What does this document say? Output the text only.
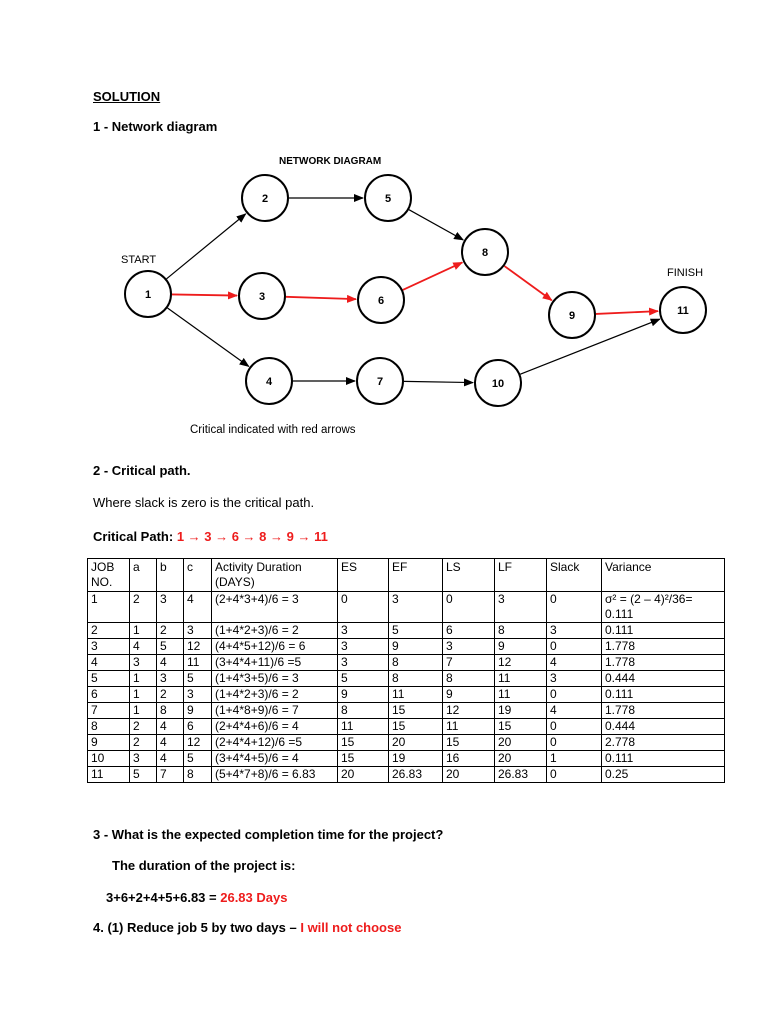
SOLUTION
1 - Network diagram
NETWORK DIAGRAM
START
FINISH
1
2
3
4
5
6
7
8
9
10
11
Critical indicated with red arrows
2 - Critical path.
Where slack is zero is the critical path.
Critical Path: 1 → 3 → 6 → 8 → 9 → 11
JOB NO.	a	b	c	Activity Duration (DAYS)	ES	EF	LS	LF	Slack	Variance
1	2	3	4	(2+4*3+4)/6 = 3	0	3	0	3	0	σ² = (2 – 4)²/36= 0.111
2	1	2	3	(1+4*2+3)/6 = 2	3	5	6	8	3	0.111
3	4	5	12	(4+4*5+12)/6 = 6	3	9	3	9	0	1.778
4	3	4	11	(3+4*4+11)/6 =5	3	8	7	12	4	1.778
5	1	3	5	(1+4*3+5)/6 = 3	5	8	8	11	3	0.444
6	1	2	3	(1+4*2+3)/6 = 2	9	11	9	11	0	0.111
7	1	8	9	(1+4*8+9)/6 = 7	8	15	12	19	4	1.778
8	2	4	6	(2+4*4+6)/6 = 4	11	15	11	15	0	0.444
9	2	4	12	(2+4*4+12)/6 =5	15	20	15	20	0	2.778
10	3	4	5	(3+4*4+5)/6 = 4	15	19	16	20	1	0.111
11	5	7	8	(5+4*7+8)/6 = 6.83	20	26.83	20	26.83	0	0.25
3 - What is the expected completion time for the project?
The duration of the project is:
3+6+2+4+5+6.83 = 26.83 Days
4. (1) Reduce job 5 by two days – I will not choose
